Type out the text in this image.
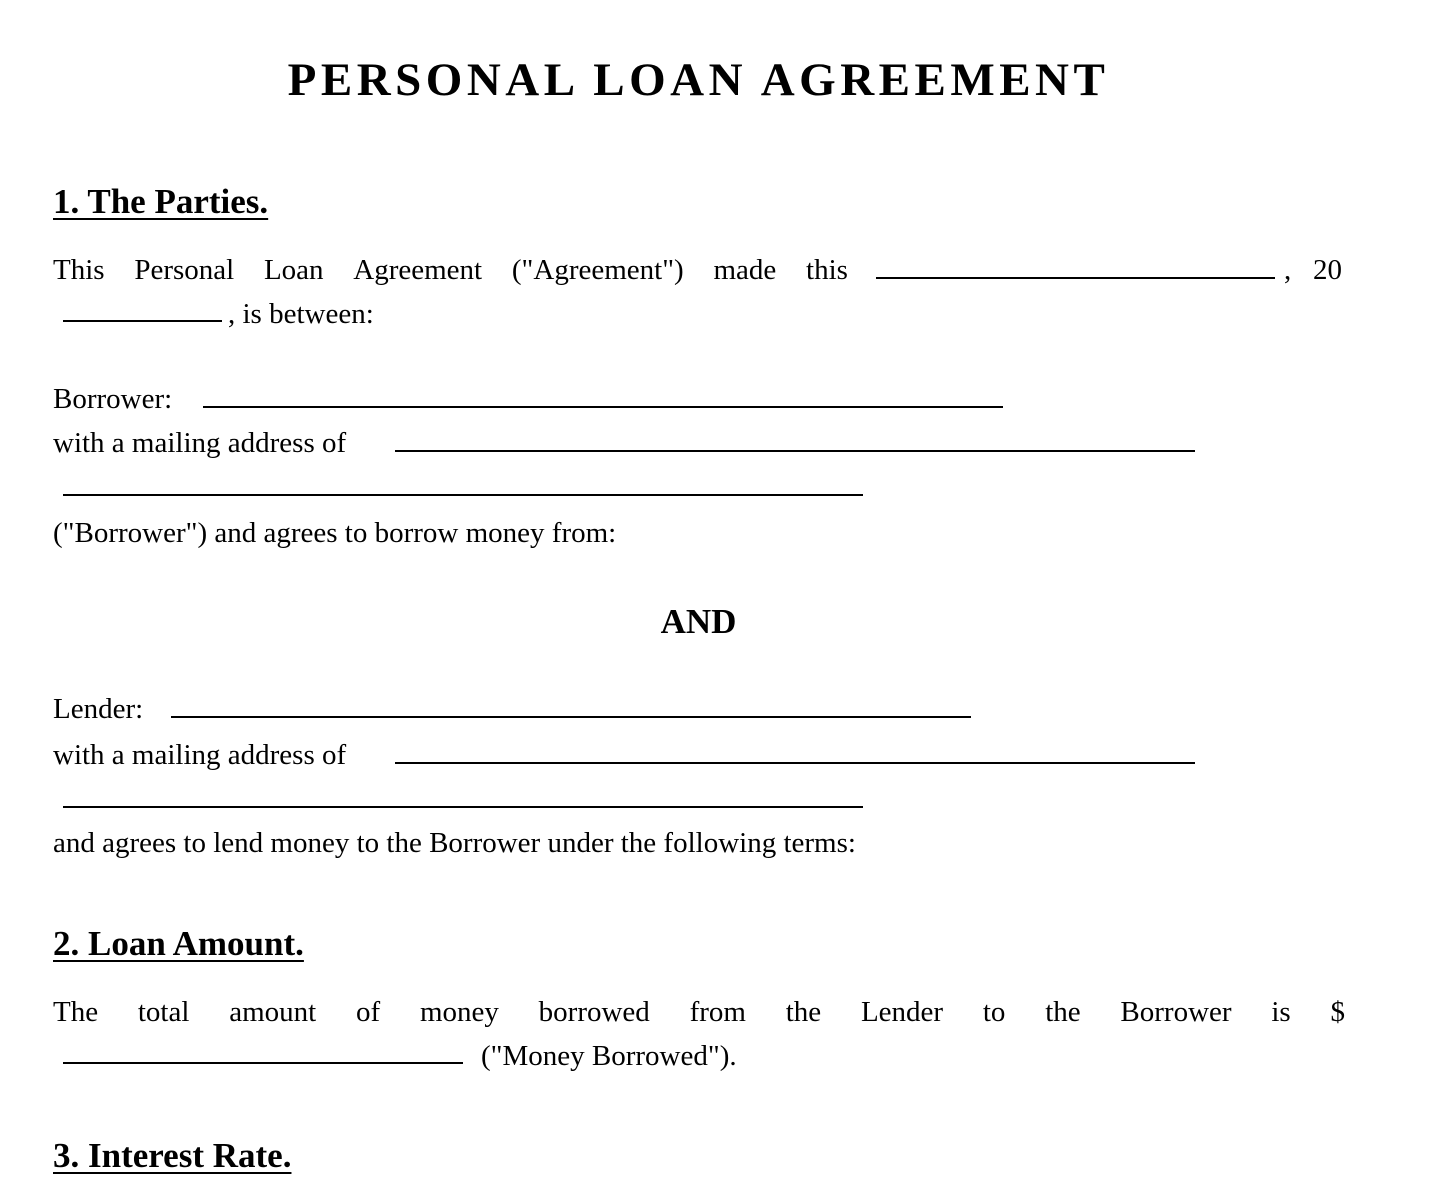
PERSONAL LOAN AGREEMENT
1. The Parties.
This Personal Loan Agreement ("Agreement") made this	, 20
, is between:
Borrower:
with a mailing address of
("Borrower") and agrees to borrow money from:
AND
Lender:
with a mailing address of
and agrees to lend money to the Borrower under the following terms:
2. Loan Amount.
The total amount of money borrowed from the Lender to the Borrower is $
("Money Borrowed").
3. Interest Rate.
